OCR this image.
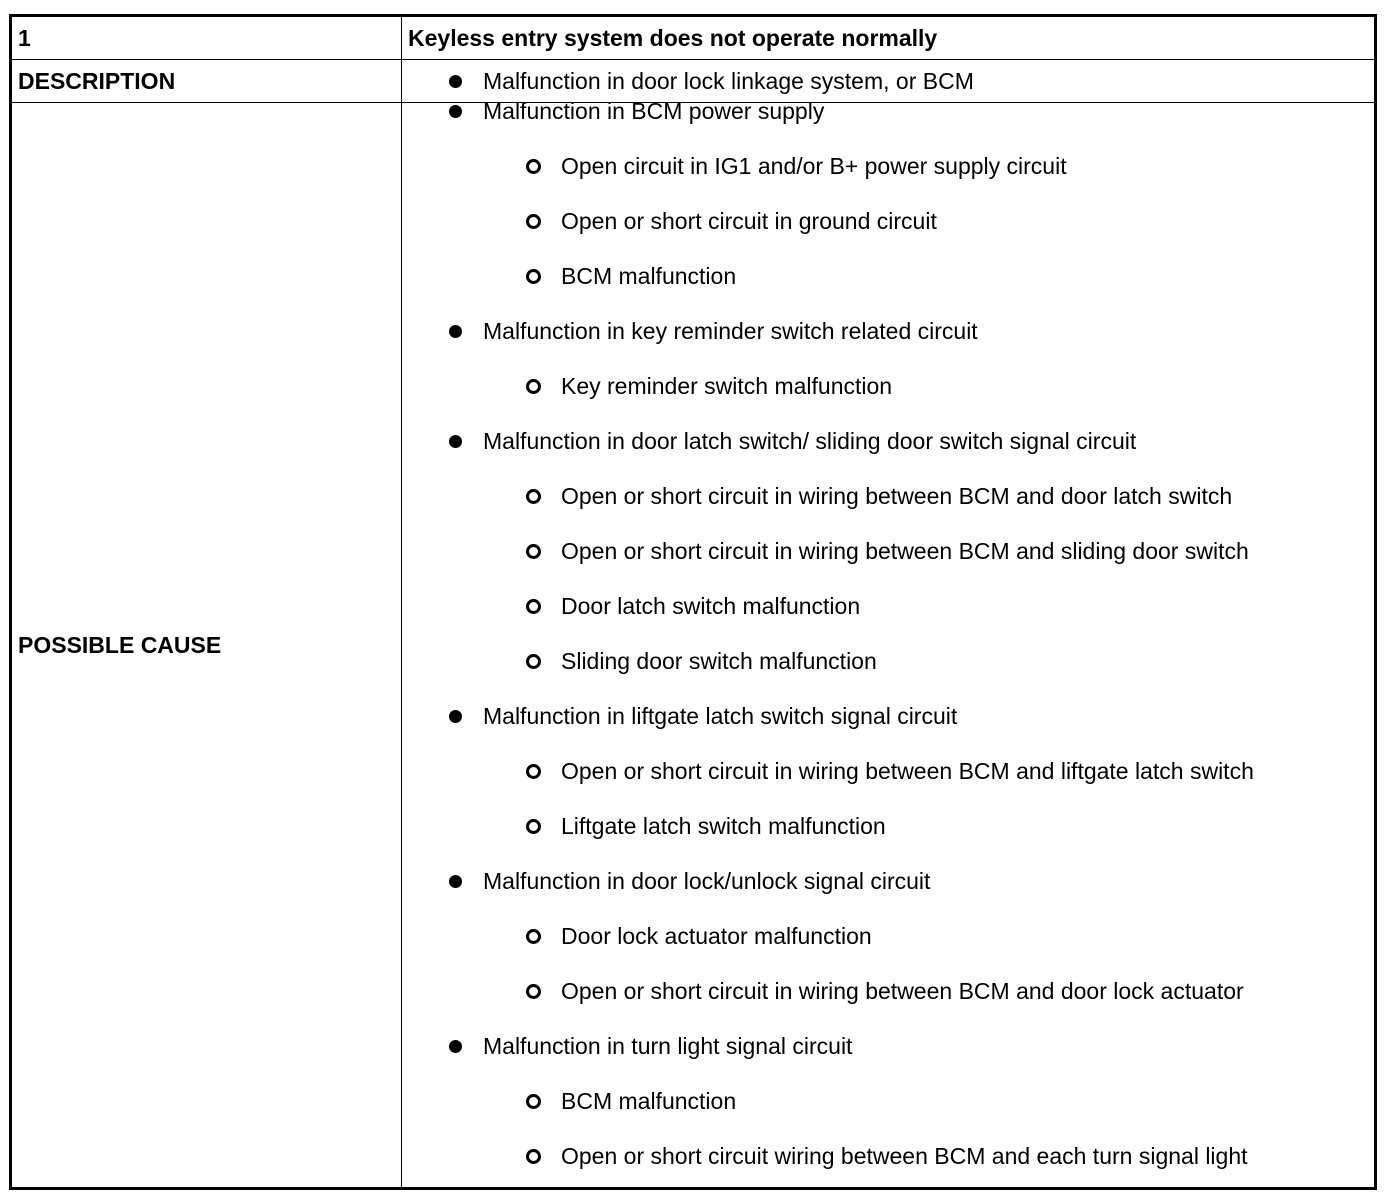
1	Keyless entry system does not operate normally
DESCRIPTION	Malfunction in door lock linkage system, or BCM
POSSIBLE CAUSE
Malfunction in BCM power supply
Open circuit in IG1 and/or B+ power supply circuit
Open or short circuit in ground circuit
BCM malfunction
Malfunction in key reminder switch related circuit
Key reminder switch malfunction
Malfunction in door latch switch/ sliding door switch signal circuit
Open or short circuit in wiring between BCM and door latch switch
Open or short circuit in wiring between BCM and sliding door switch
Door latch switch malfunction
Sliding door switch malfunction
Malfunction in liftgate latch switch signal circuit
Open or short circuit in wiring between BCM and liftgate latch switch
Liftgate latch switch malfunction
Malfunction in door lock/unlock signal circuit
Door lock actuator malfunction
Open or short circuit in wiring between BCM and door lock actuator
Malfunction in turn light signal circuit
BCM malfunction
Open or short circuit wiring between BCM and each turn signal light
